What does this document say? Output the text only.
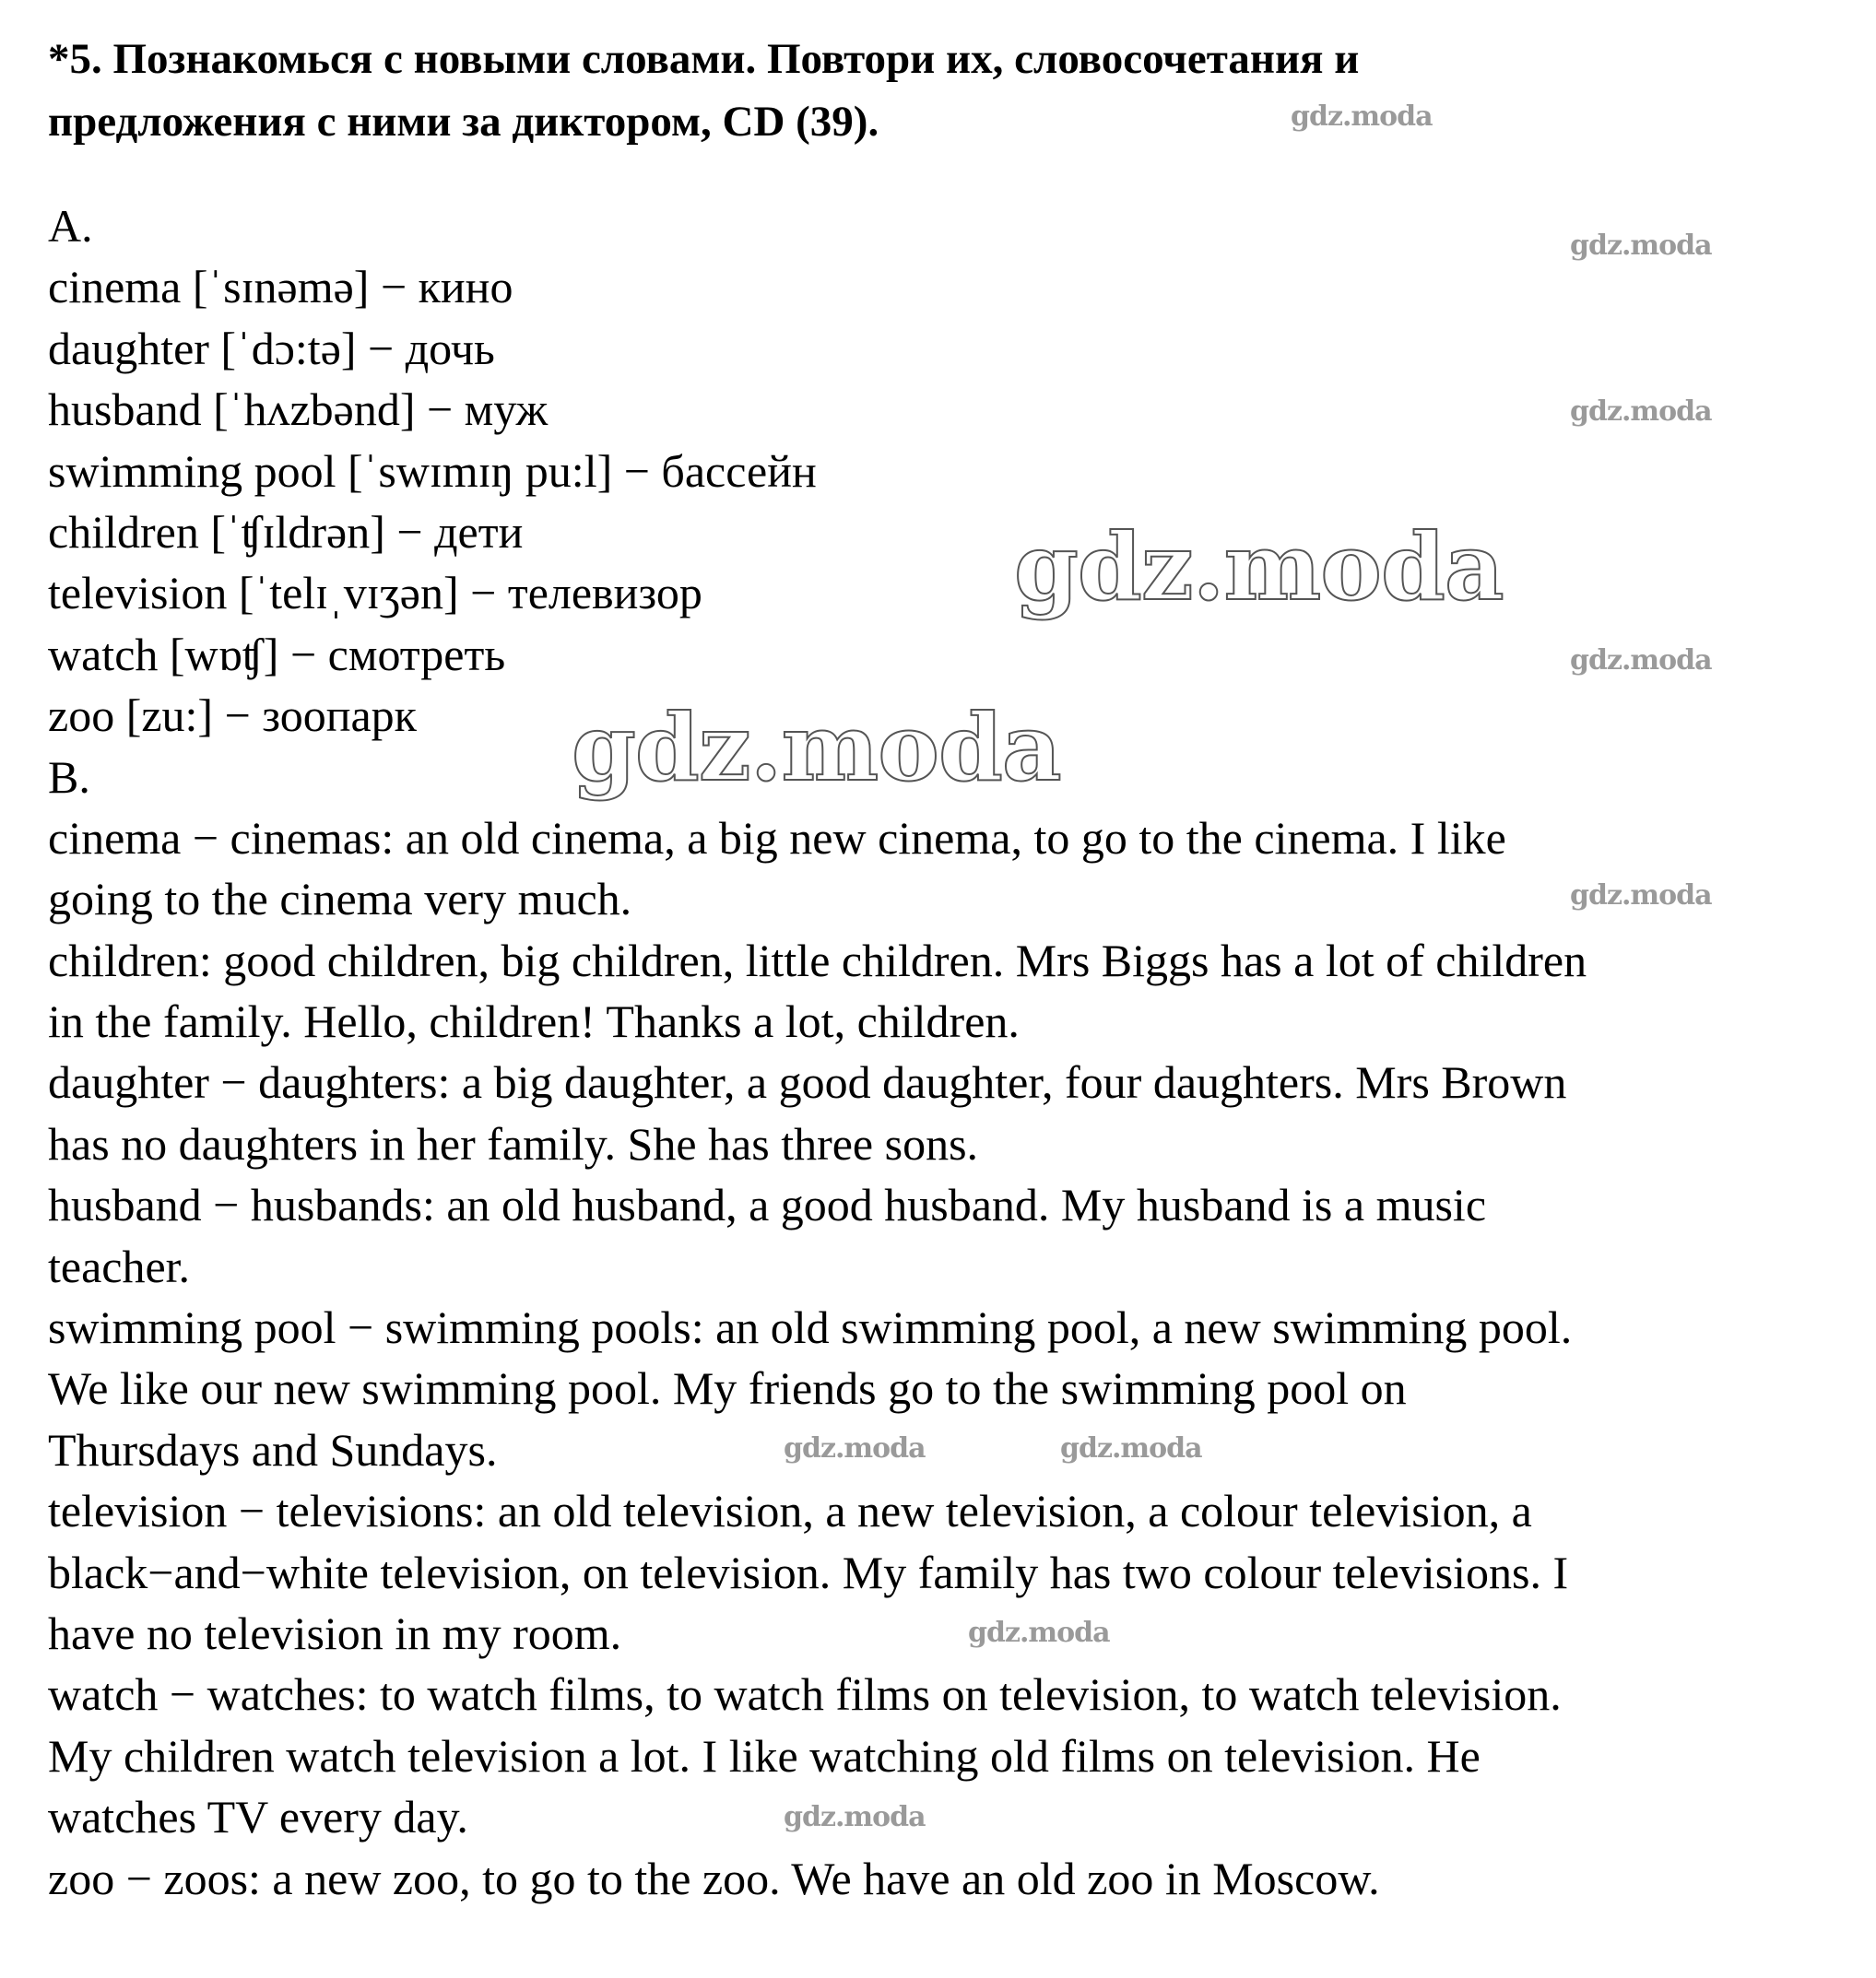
*5. Познакомься с новыми словами. Повтори их, словосочетания и
предложения с ними за диктором, CD (39).
A.
cinema [ˈsɪnəmə] − кино
daughter [ˈdɔ:tə] − дочь
husband [ˈhʌzbənd] − муж
swimming pool [ˈswɪmɪŋ pu:l] − бассейн
children [ˈʧɪldrən] − дети
television [ˈtelɪˌvɪʒən] − телевизор
watch [wɒʧ] − смотреть
zoo [zu:] − зоопарк
B.
cinema − cinemas: an old cinema, a big new cinema, to go to the cinema. I like
going to the cinema very much.
children: good children, big children, little children. Mrs Biggs has a lot of children
in the family. Hello, children! Thanks a lot, children.
daughter − daughters: a big daughter, a good daughter, four daughters. Mrs Brown
has no daughters in her family. She has three sons.
husband − husbands: an old husband, a good husband. My husband is a music
teacher.
swimming pool − swimming pools: an old swimming pool, a new swimming pool.
We like our new swimming pool. My friends go to the swimming pool on
Thursdays and Sundays.
television − televisions: an old television, a new television, a colour television, a
black−and−white television, on television. My family has two colour televisions. I
have no television in my room.
watch − watches: to watch films, to watch films on television, to watch television.
My children watch television a lot. I like watching old films on television. He
watches TV every day.
zoo − zoos: a new zoo, to go to the zoo. We have an old zoo in Moscow.
gdz.moda
gdz.moda
gdz.moda
gdz.moda
gdz.moda
gdz.moda
gdz.moda
gdz.moda	gdz.moda
gdz.moda
gdz.moda
